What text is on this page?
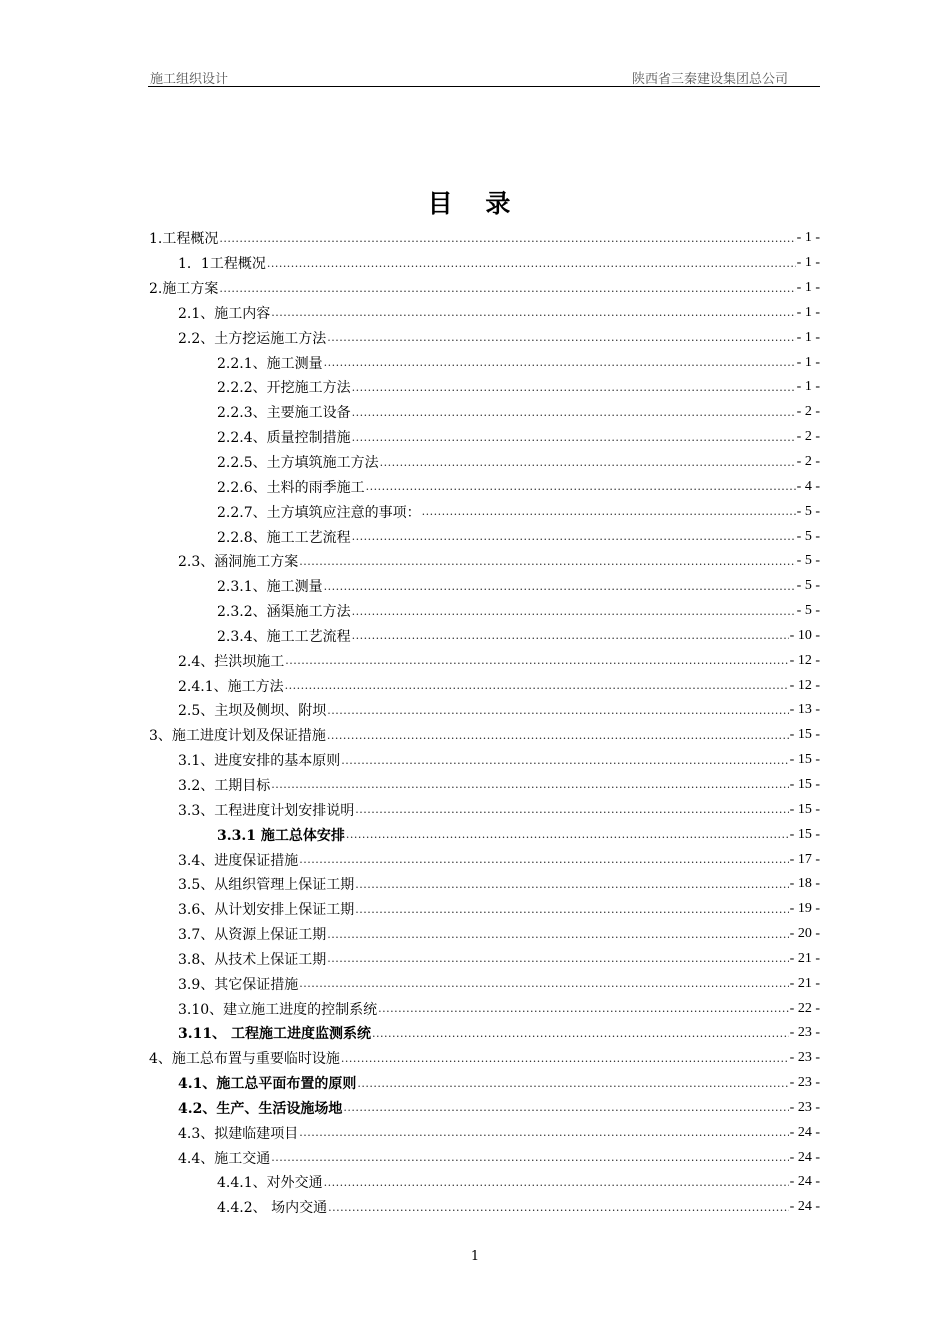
施工组织设计	陕西省三秦建设集团总公司
目 录
1.工程概况 .....	- 1 -
1．1工程概况 .....	- 1 -
2.施工方案 .....	- 1 -
2.1、施工内容 .....	- 1 -
2.2、土方挖运施工方法 .....	- 1 -
2.2.1、施工测量 .....	- 1 -
2.2.2、开挖施工方法 .....	- 1 -
2.2.3、主要施工设备 .....	- 2 -
2.2.4、质量控制措施 .....	- 2 -
2.2.5、土方填筑施工方法 .....	- 2 -
2.2.6、土料的雨季施工 .....	- 4 -
2.2.7、土方填筑应注意的事项： .....	- 5 -
2.2.8、施工工艺流程 .....	- 5 -
2.3、涵洞施工方案 .....	- 5 -
2.3.1、施工测量 .....	- 5 -
2.3.2、涵渠施工方法 .....	- 5 -
2.3.4、施工工艺流程 .....	- 10 -
2.4、拦洪坝施工 .....	- 12 -
2.4.1、施工方法 .....	- 12 -
2.5、主坝及侧坝、附坝 .....	- 13 -
3、施工进度计划及保证措施 .....	- 15 -
3.1、进度安排的基本原则 .....	- 15 -
3.2、工期目标 .....	- 15 -
3.3、工程进度计划安排说明 .....	- 15 -
3.3.1 施工总体安排 .....	- 15 -
3.4、进度保证措施 .....	- 17 -
3.5、从组织管理上保证工期 .....	- 18 -
3.6、从计划安排上保证工期 .....	- 19 -
3.7、从资源上保证工期 .....	- 20 -
3.8、从技术上保证工期 .....	- 21 -
3.9、其它保证措施 .....	- 21 -
3.10、建立施工进度的控制系统 .....	- 22 -
3.11、 工程施工进度监测系统 .....	- 23 -
4、施工总布置与重要临时设施 .....	- 23 -
4.1、施工总平面布置的原则 .....	- 23 -
4.2、生产、生活设施场地 .....	- 23 -
4.3、拟建临建项目 .....	- 24 -
4.4、施工交通 .....	- 24 -
4.4.1、对外交通 .....	- 24 -
4.4.2、 场内交通 .....	- 24 -
1
